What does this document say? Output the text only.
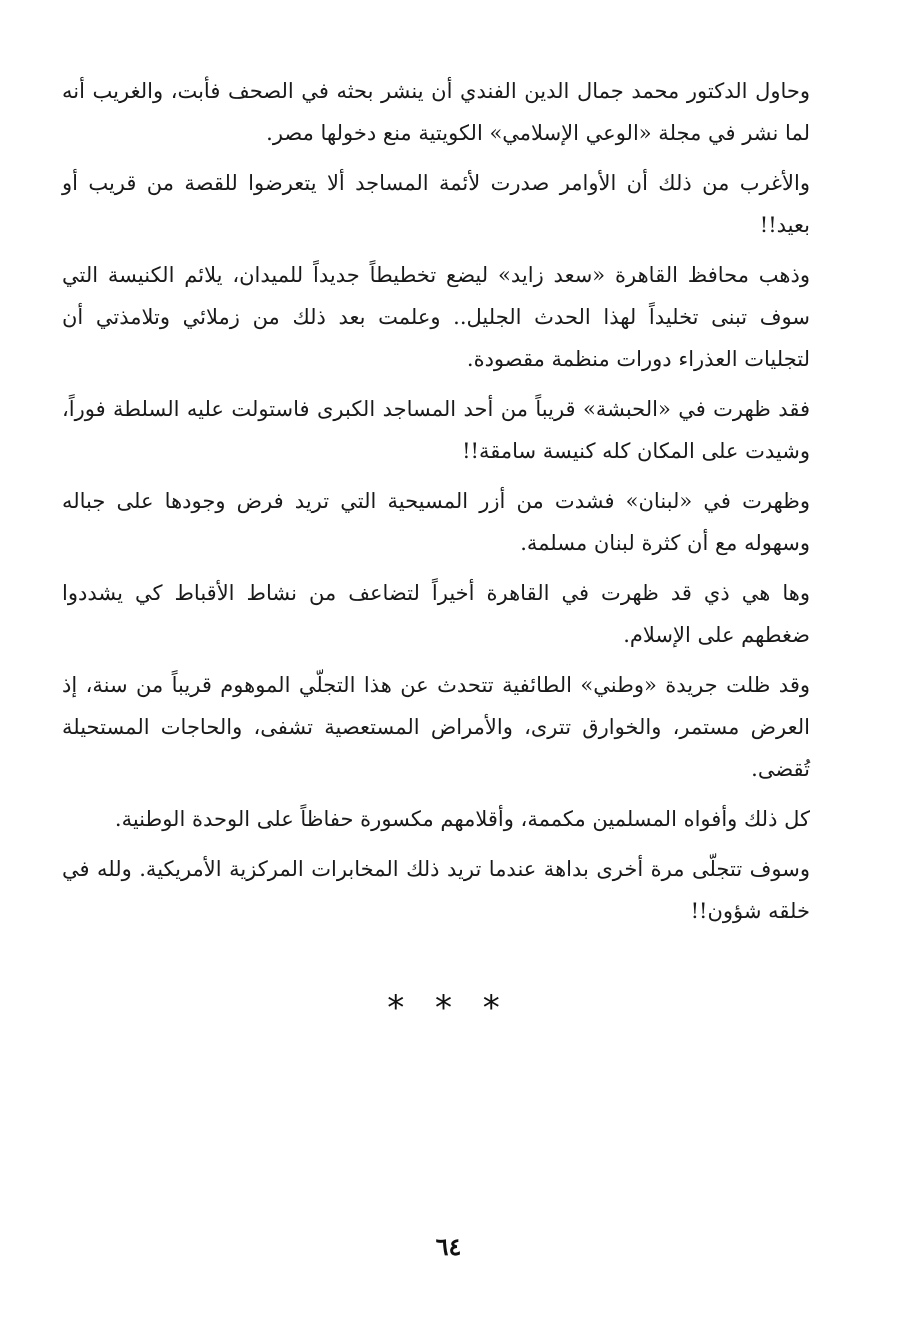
وحاول الدكتور محمد جمال الدين الفندي أن ينشر بحثه في الصحف فأبت، والغريب أنه لما نشر في مجلة «الوعي الإسلامي» الكويتية منع دخولها مصر.

والأغرب من ذلك أن الأوامر صدرت لأئمة المساجد ألا يتعرضوا للقصة من قريب أو بعيد!!

وذهب محافظ القاهرة «سعد زايد» ليضع تخطيطاً جديداً للميدان، يلائم الكنيسة التي سوف تبنى تخليداً لهذا الحدث الجليل.. وعلمت بعد ذلك من زملائي وتلامذتي أن لتجليات العذراء دورات منظمة مقصودة.

فقد ظهرت في «الحبشة» قريباً من أحد المساجد الكبرى فاستولت عليه السلطة فوراً، وشيدت على المكان كله كنيسة سامقة!!

وظهرت في «لبنان» فشدت من أزر المسيحية التي تريد فرض وجودها على جباله وسهوله مع أن كثرة لبنان مسلمة.

وها هي ذي قد ظهرت في القاهرة أخيراً لتضاعف من نشاط الأقباط كي يشددوا ضغطهم على الإسلام.

وقد ظلت جريدة «وطني» الطائفية تتحدث عن هذا التجلّي الموهوم قريباً من سنة، إذ العرض مستمر، والخوارق تترى، والأمراض المستعصية تشفى، والحاجات المستحيلة تُقضى.

كل ذلك وأفواه المسلمين مكممة، وأقلامهم مكسورة حفاظاً على الوحدة الوطنية.

وسوف تتجلّى مرة أخرى بداهة عندما تريد ذلك المخابرات المركزية الأمريكية. ولله في خلقه شؤون!!

* * *
٦٤
